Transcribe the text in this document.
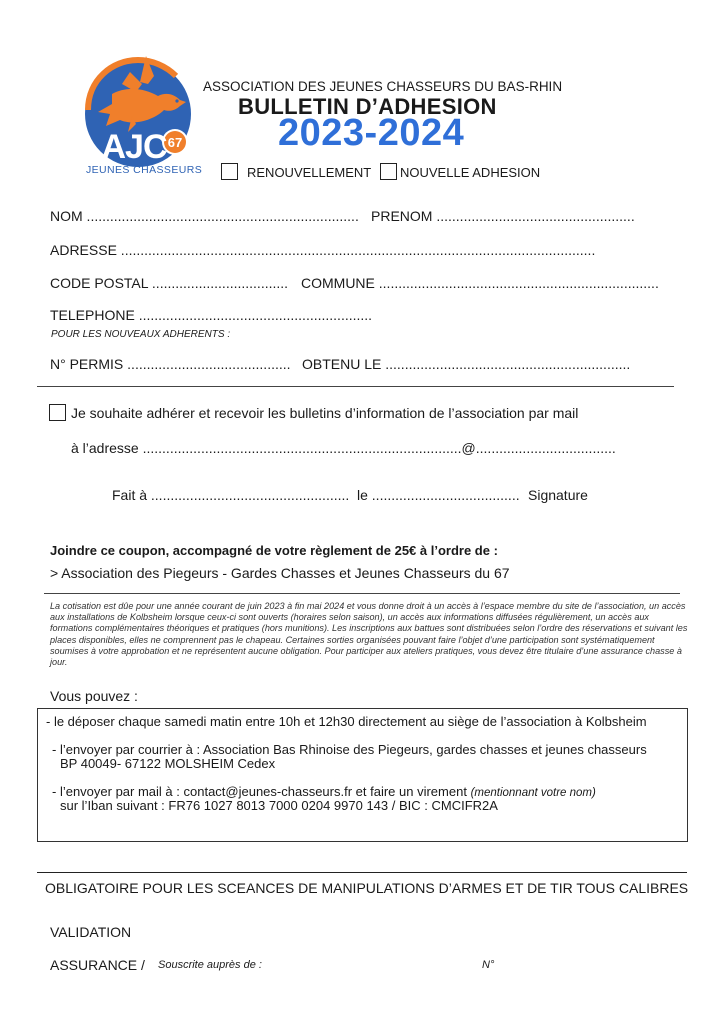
67
AJC
JEUNES CHASSEURS
ASSOCIATION DES JEUNES CHASSEURS DU BAS-RHIN
BULLETIN D’ADHESION
2023-2024
RENOUVELLEMENT NOUVELLE ADHESION
NOM ...................................................................... PRENOM ...................................................
ADRESSE ..........................................................................................................................
CODE POSTAL ................................... COMMUNE ........................................................................
TELEPHONE ............................................................
POUR LES NOUVEAUX ADHERENTS :
N° PERMIS .......................................... OBTENU LE ...............................................................
Je souhaite adhérer et recevoir les bulletins d’information de l’association par mail
à l’adresse ..................................................................................@....................................
Fait à ................................................... le ...................................... Signature
Joindre ce coupon, accompagné de votre règlement de 25€ à l’ordre de :
> Association des Piegeurs - Gardes Chasses et Jeunes Chasseurs du 67
La cotisation est dûe pour une année courant de juin 2023 à fin mai 2024 et vous donne droit à un accès à l’espace membre du site de l’association, un accès aux installations de Kolbsheim lorsque ceux-ci sont ouverts (horaires selon saison), un accès aux informations diffusées régulièrement, un accès aux formations complémentaires théoriques et pratiques (hors munitions). Les inscriptions aux battues sont distribuées selon l’ordre des réservations et suivant les places disponibles, elles ne comprennent pas le chapeau. Certaines sorties organisées pouvant faire l’objet d’une participation sont systématiquement soumises à votre approbation et ne représentent aucune obligation. Pour participer aux ateliers pratiques, vous devez être titulaire d’une assurance chasse à jour.
Vous pouvez :
- le déposer chaque samedi matin entre 10h et 12h30 directement au siège de l’association à Kolbsheim
- l’envoyer par courrier à : Association Bas Rhinoise des Piegeurs, gardes chasses et jeunes chasseurs
BP 40049- 67122 MOLSHEIM Cedex
- l’envoyer par mail à : contact@jeunes-chasseurs.fr et faire un virement (mentionnant votre nom)
sur l’Iban suivant : FR76 1027 8013 7000 0204 9970 143 / BIC : CMCIFR2A
OBLIGATOIRE POUR LES SCEANCES DE MANIPULATIONS D’ARMES ET DE TIR TOUS CALIBRES
VALIDATION
ASSURANCE / Souscrite auprès de :	N°
